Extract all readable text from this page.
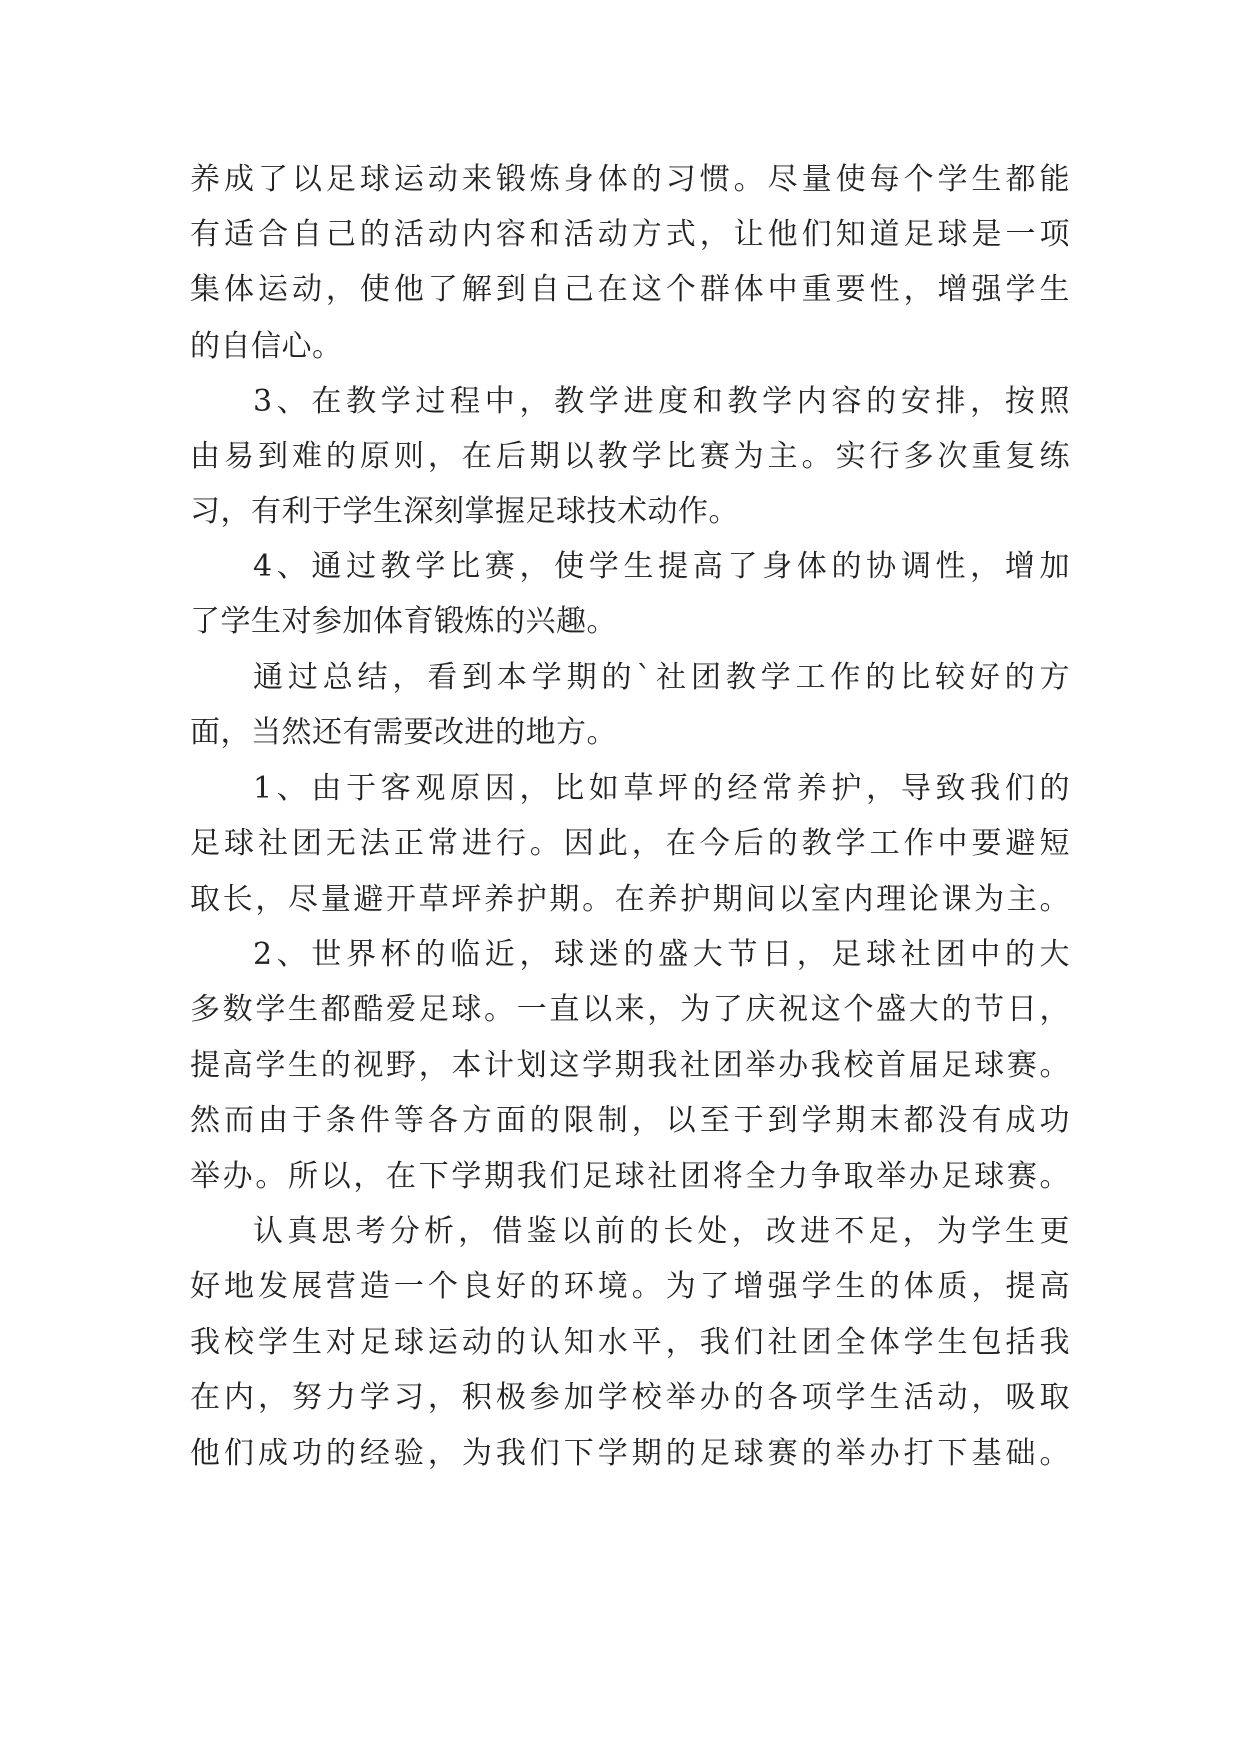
养成了以足球运动来锻炼身体的习惯。尽量使每个学生都能

有适合自己的活动内容和活动方式，让他们知道足球是一项

集体运动，使他了解到自己在这个群体中重要性，增强学生

的自信心。

3、在教学过程中，教学进度和教学内容的安排，按照

由易到难的原则，在后期以教学比赛为主。实行多次重复练

习，有利于学生深刻掌握足球技术动作。

4、通过教学比赛，使学生提高了身体的协调性，增加

了学生对参加体育锻炼的兴趣。

通过总结，看到本学期的`社团教学工作的比较好的方

面，当然还有需要改进的地方。

1、由于客观原因，比如草坪的经常养护，导致我们的

足球社团无法正常进行。因此，在今后的教学工作中要避短

取长，尽量避开草坪养护期。在养护期间以室内理论课为主。

2、世界杯的临近，球迷的盛大节日，足球社团中的大

多数学生都酷爱足球。一直以来，为了庆祝这个盛大的节日，

提高学生的视野，本计划这学期我社团举办我校首届足球赛。

然而由于条件等各方面的限制，以至于到学期末都没有成功

举办。所以，在下学期我们足球社团将全力争取举办足球赛。

认真思考分析，借鉴以前的长处，改进不足，为学生更

好地发展营造一个良好的环境。为了增强学生的体质，提高

我校学生对足球运动的认知水平，我们社团全体学生包括我

在内，努力学习，积极参加学校举办的各项学生活动，吸取

他们成功的经验，为我们下学期的足球赛的举办打下基础。
